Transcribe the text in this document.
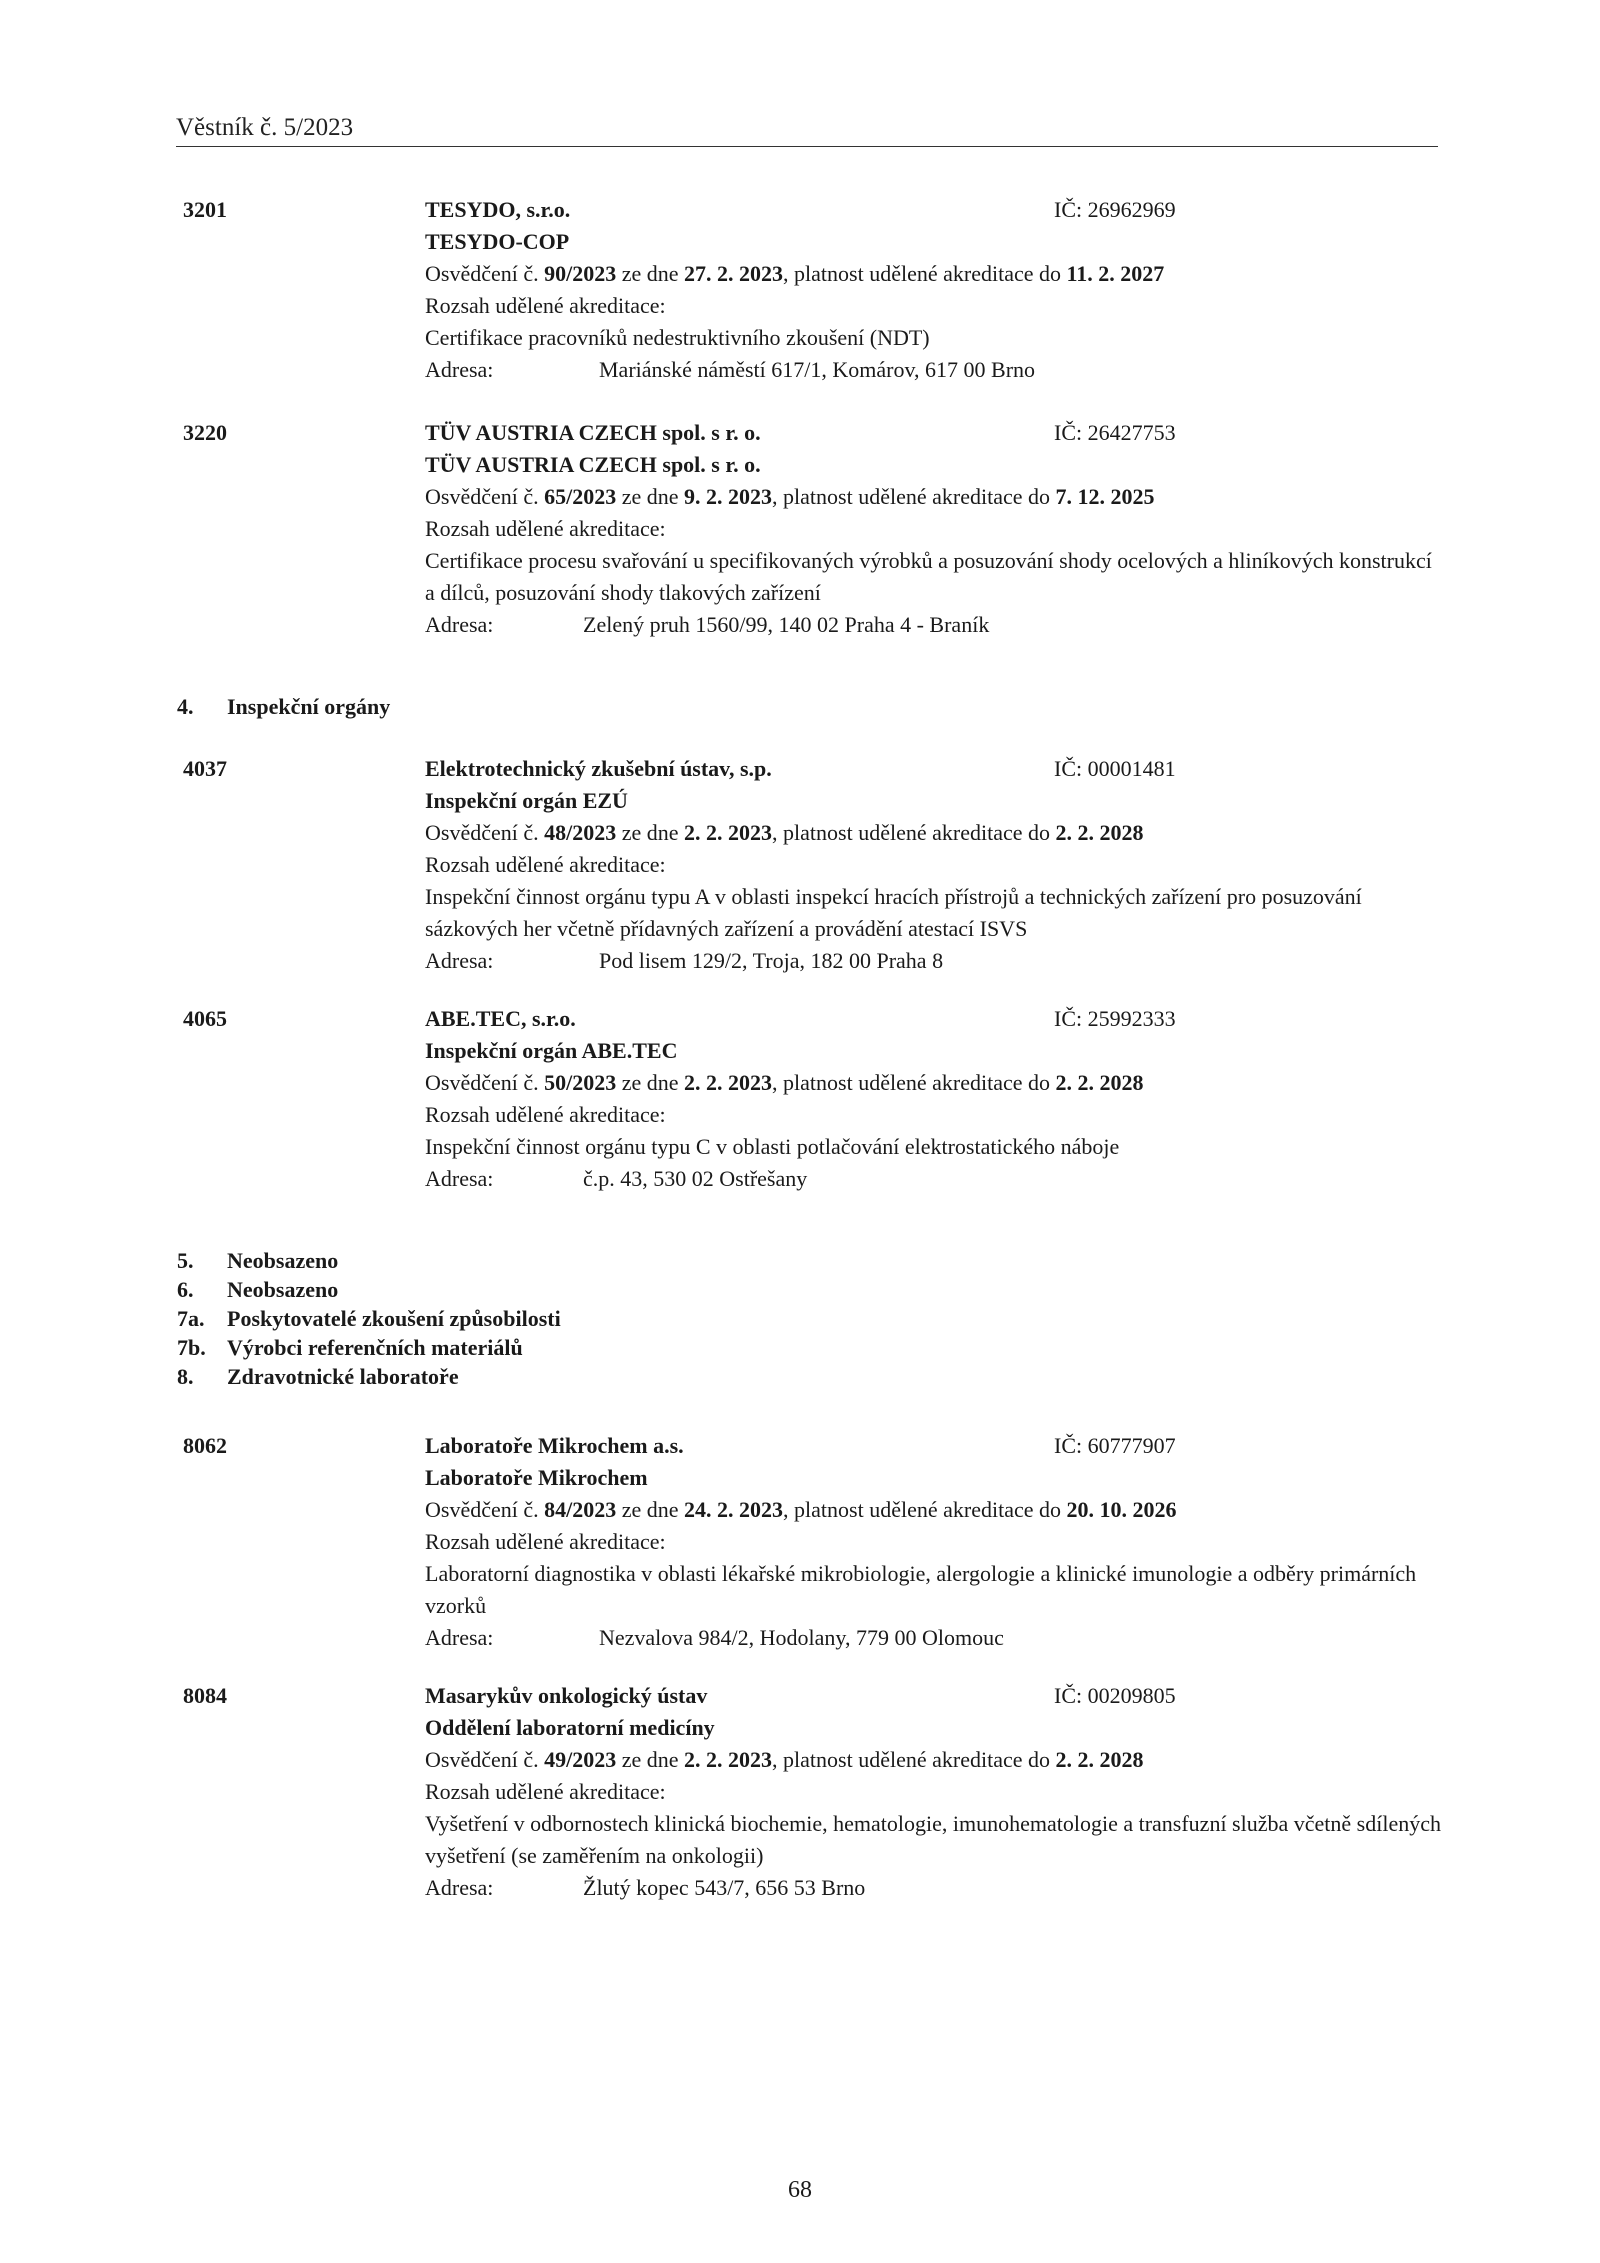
Věstník č. 5/2023
3201	TESYDO, s.r.o.	IČ: 26962969
TESYDO-COP
Osvědčení č. 90/2023 ze dne 27. 2. 2023, platnost udělené akreditace do 11. 2. 2027
Rozsah udělené akreditace:
Certifikace pracovníků nedestruktivního zkoušení (NDT)
Adresa:	Mariánské náměstí 617/1, Komárov, 617 00 Brno
3220	TÜV AUSTRIA CZECH spol. s r. o.	IČ: 26427753
TÜV AUSTRIA CZECH spol. s r. o.
Osvědčení č. 65/2023 ze dne 9. 2. 2023, platnost udělené akreditace do 7. 12. 2025
Rozsah udělené akreditace:
Certifikace procesu svařování u specifikovaných výrobků a posuzování shody ocelových a hliníkových konstrukcí a dílců, posuzování shody tlakových zařízení
Adresa:	Zelený pruh 1560/99, 140 02 Praha 4 - Braník
4. Inspekční orgány
4037	Elektrotechnický zkušební ústav, s.p.	IČ: 00001481
Inspekční orgán EZÚ
Osvědčení č. 48/2023 ze dne 2. 2. 2023, platnost udělené akreditace do 2. 2. 2028
Rozsah udělené akreditace:
Inspekční činnost orgánu typu A v oblasti inspekcí hracích přístrojů a technických zařízení pro posuzování sázkových her včetně přídavných zařízení a provádění atestací ISVS
Adresa:	Pod lisem 129/2, Troja, 182 00 Praha 8
4065	ABE.TEC, s.r.o.	IČ: 25992333
Inspekční orgán ABE.TEC
Osvědčení č. 50/2023 ze dne 2. 2. 2023, platnost udělené akreditace do 2. 2. 2028
Rozsah udělené akreditace:
Inspekční činnost orgánu typu C v oblasti potlačování elektrostatického náboje
Adresa:	č.p. 43, 530 02 Ostřešany
5. Neobsazeno
6. Neobsazeno
7a. Poskytovatelé zkoušení způsobilosti
7b. Výrobci referenčních materiálů
8. Zdravotnické laboratoře
8062	Laboratoře Mikrochem a.s.	IČ: 60777907
Laboratoře Mikrochem
Osvědčení č. 84/2023 ze dne 24. 2. 2023, platnost udělené akreditace do 20. 10. 2026
Rozsah udělené akreditace:
Laboratorní diagnostika v oblasti lékařské mikrobiologie, alergologie a klinické imunologie a odběry primárních vzorků
Adresa:	Nezvalova 984/2, Hodolany, 779 00 Olomouc
8084	Masarykův onkologický ústav	IČ: 00209805
Oddělení laboratorní medicíny
Osvědčení č. 49/2023 ze dne 2. 2. 2023, platnost udělené akreditace do 2. 2. 2028
Rozsah udělené akreditace:
Vyšetření v odbornostech klinická biochemie, hematologie, imunohematologie a transfuzní služba včetně sdílených vyšetření (se zaměřením na onkologii)
Adresa:	Žlutý kopec 543/7, 656 53 Brno
68
